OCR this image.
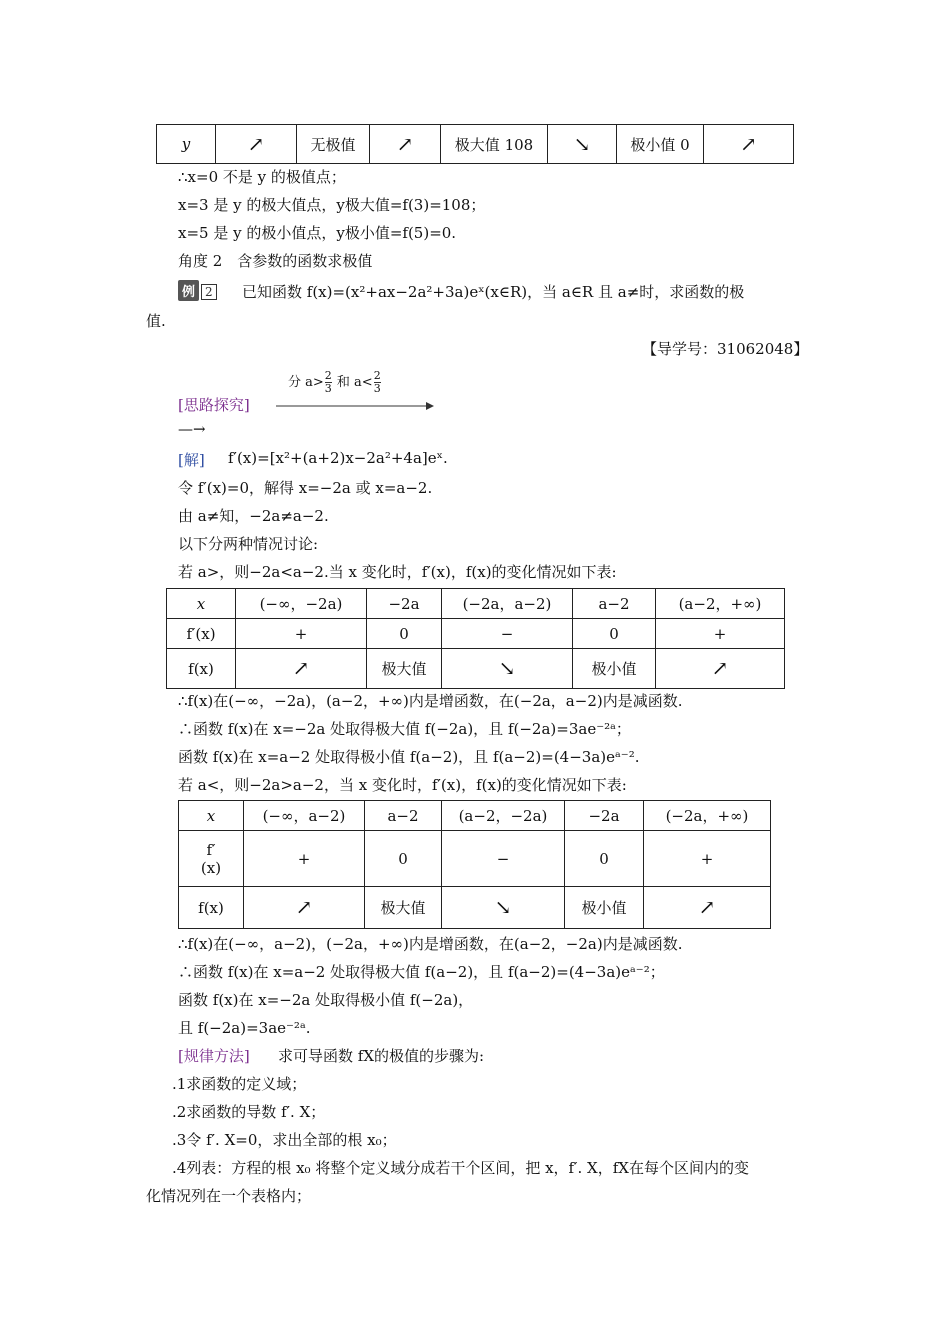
y	↗	无极值	↗	极大值 108	↘	极小值 0	↗
∴x=0 不是 y 的极值点；
x=3 是 y 的极大值点，y极大值=f(3)=108；
x=5 是 y 的极小值点，y极小值=f(5)=0.
角度 2　含参数的函数求极值
例 2 已知函数 f(x)=(x²+ax−2a²+3a)eˣ(x∈R)，当 a∈R 且 a≠时，求函数的极
值.
【导学号：31062048】
[思路探究]
分 $a> \frac{2}{3}$ 和 $a< \frac{2}{3}$
—→
[解] f′(x)=[x²+(a+2)x−2a²+4a]eˣ.
令 f′(x)=0，解得 x=−2a 或 x=a−2.
由 a≠知，−2a≠a−2.
以下分两种情况讨论:
若 a>，则−2a<a−2.当 x 变化时，f′(x)，f(x)的变化情况如下表:
x	(−∞，−2a)	−2a	(−2a，a−2)	a−2	(a−2，+∞)
f′(x)	+	0	−	0	+
f(x)	↗	极大值	↘	极小值	↗
∴f(x)在(−∞，−2a)，(a−2，+∞)内是增函数，在(−2a，a−2)内是减函数.
∴函数 f(x)在 x=−2a 处取得极大值 f(−2a)，且 f(−2a)=3ae⁻²ᵃ；
函数 f(x)在 x=a−2 处取得极小值 f(a−2)，且 f(a−2)=(4−3a)eᵃ⁻².
若 a<，则−2a>a−2，当 x 变化时，f′(x)，f(x)的变化情况如下表:
x	(−∞，a−2)	a−2	(a−2，−2a)	−2a	(−2a，+∞)

f′
(x)	+	0	−	0	+
f(x)	↗	极大值	↘	极小值	↗
∴f(x)在(−∞，a−2)，(−2a，+∞)内是增函数，在(a−2，−2a)内是减函数.
∴函数 f(x)在 x=a−2 处取得极大值 f(a−2)，且 f(a−2)=(4−3a)eᵃ⁻²；
函数 f(x)在 x=−2a 处取得极小值 f(−2a)，
且 f(−2a)=3ae⁻²ᵃ.
[规律方法] 求可导函数 fX的极值的步骤为:
.1求函数的定义域；
.2求函数的导数 f′. X；
.3令 f′. X=0，求出全部的根 x₀；
.4列表：方程的根 x₀ 将整个定义域分成若干个区间，把 x，f′. X，fX在每个区间内的变
化情况列在一个表格内；
